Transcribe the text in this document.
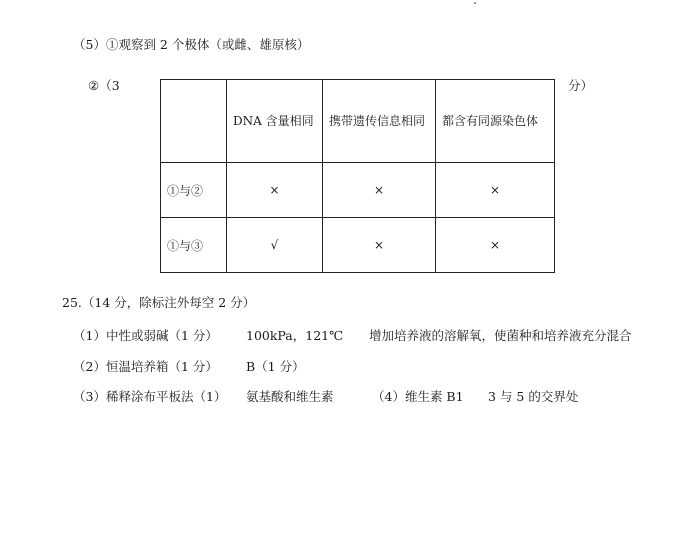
（5）①观察到 2 个极体（或雌、雄原核）
②（3	分）
	DNA 含量相同	携带遗传信息相同	都含有同源染色体
①与②	×	×	×
①与③	√	×	×
25.（14 分，除标注外每空 2 分）
（1）中性或弱碱（1 分） 100kPa，121℃ 增加培养液的溶解氧，使菌种和培养液充分混合
（2）恒温培养箱（1 分） B（1 分）
（3）稀释涂布平板法（1） 氨基酸和维生素	（4）维生素 B1 3 与 5 的交界处
